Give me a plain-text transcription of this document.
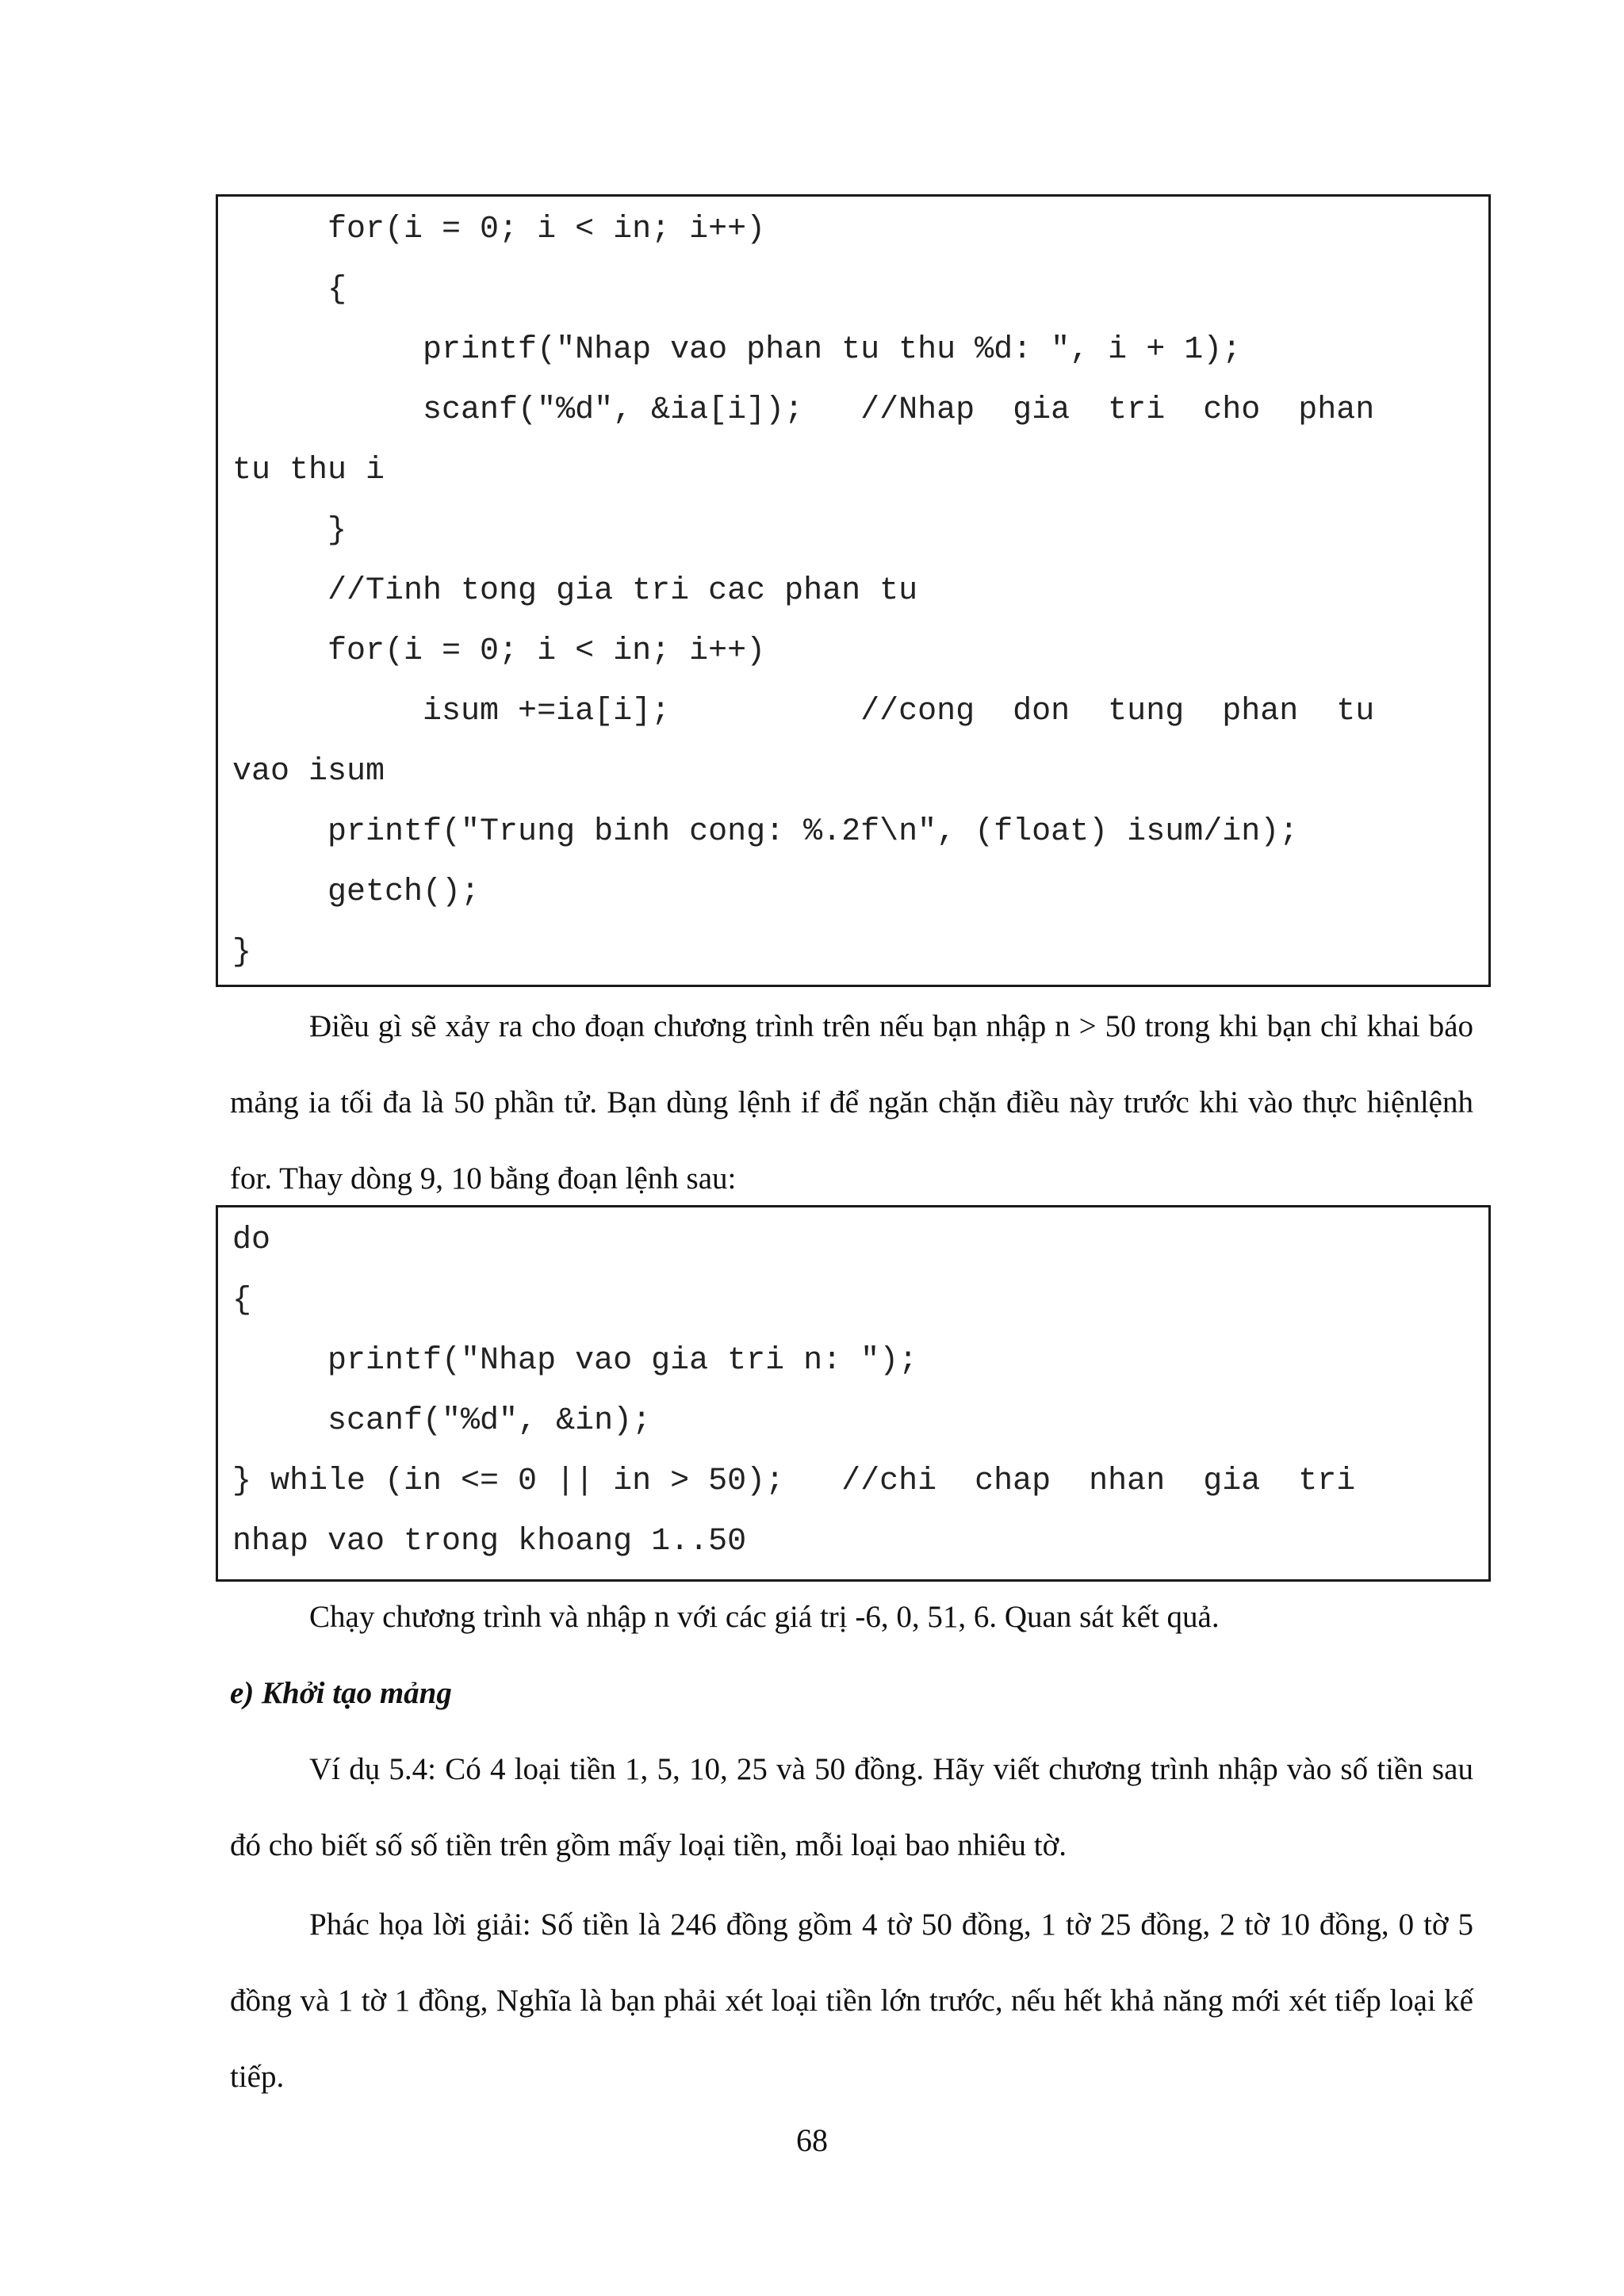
for(i = 0; i < in; i++)
{
printf("Nhap vao phan tu thu %d: ", i + 1);
scanf("%d", &ia[i]);   //Nhap  gia  tri  cho  phan
tu thu i
}
//Tinh tong gia tri cac phan tu
for(i = 0; i < in; i++)
isum +=ia[i];          //cong  don  tung  phan  tu
vao isum
printf("Trung binh cong: %.2f\n", (float) isum/in);
getch();
}

Điều gì sẽ xảy ra cho đoạn chương trình trên nếu bạn nhập n > 50 trong khi bạn chỉ khai báo mảng ia tối đa là 50 phần tử. Bạn dùng lệnh if để ngăn chặn điều này trước khi vào thực hiệnlệnh for. Thay dòng 9, 10 bằng đoạn lệnh sau:

do
{
printf("Nhap vao gia tri n: ");
scanf("%d", &in);
} while (in <= 0 || in > 50);   //chi  chap  nhan  gia  tri
nhap vao trong khoang 1..50

Chạy chương trình và nhập n với các giá trị -6, 0, 51, 6. Quan sát kết quả.

e) Khởi tạo mảng

Ví dụ 5.4: Có 4 loại tiền 1, 5, 10, 25 và 50 đồng. Hãy viết chương trình nhập vào số tiền sau đó cho biết số số tiền trên gồm mấy loại tiền, mỗi loại bao nhiêu tờ.

Phác họa lời giải: Số tiền là 246 đồng gồm 4 tờ 50 đồng, 1 tờ 25 đồng, 2 tờ 10 đồng, 0 tờ 5 đồng và 1 tờ 1 đồng, Nghĩa là bạn phải xét loại tiền lớn trước, nếu hết khả năng mới xét tiếp loại kế tiếp.

68
